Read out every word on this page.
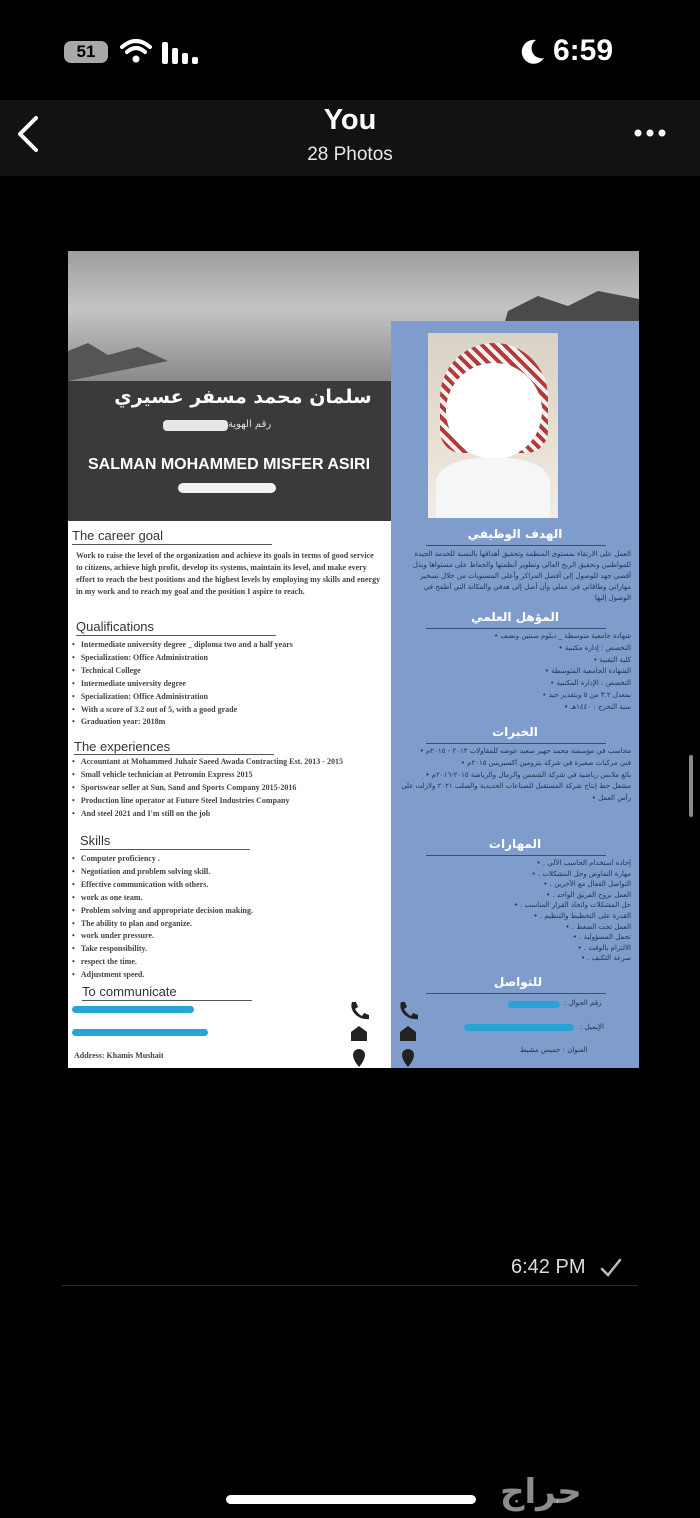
51	6:59
You
28 Photos
سلمان محمد مسفر عسيري
رقم الهوية
SALMAN MOHAMMED MISFER ASIRI
The career goal
Work to raise the level of the organization and achieve its goals in terms of good service to citizens, achieve high profit, develop its systems, maintain its level, and make every effort to reach the best positions and the highest levels by employing my skills and energy in my work and to reach my goal and the position I aspire to reach.
Qualifications
• Intermediate university degree _ diploma two and a half years
• Specialization: Office Administration
• Technical College
• Intermediate university degree
• Specialization: Office Administration
• With a score of 3.2 out of 5, with a good grade
• Graduation year: 2018m
The experiences
• Accountant at Mohammed Juhair Saeed Awada Contracting Est. 2013 - 2015
• Small vehicle technician at Petromin Express 2015
• Sportswear seller at Sun, Sand and Sports Company 2015-2016
• Production line operator at Future Steel Industries Company
• And steel 2021 and I'm still on the job
Skills
• Computer proficiency .
• Negotiation and problem solving skill.
• Effective communication with others.
• work as one team.
• Problem solving and appropriate decision making.
• The ability to plan and organize.
• work under pressure.
• Take responsibility.
• respect the time.
• Adjustment speed.
To communicate
Address: Khamis Mushait
الهدف الوظيفي
العمل على الارتقاء بمستوى المنظمة وتحقيق أهدافها بالنسبة للخدمة الجيدة للمواطنين وتحقيق الربح العالي وتطوير أنظمتها والحفاظ على مستواها وبذل أقصى جهد للوصول إلى أفضل المراكز وأعلى المستويات من خلال تسخير مهاراتي وطاقاتي في عملي وأن أصل إلى هدفي والمكانة التي أطمح في الوصول إليها
المؤهل العلمي
شهادة جامعية متوسطة _ دبلوم سنتين ونصف •
التخصص : إدارة مكتبية •
كلية التقنية •
الشهادة الجامعية المتوسطة •
التخصص : الإدارة المكتبية •
بمعدل ٣.٢ من ٥ وبتقدير جيد •
سنة التخرج : ١٤٤٠هـ •
الخبرات
محاسب في مؤسسة محمد جهير سعيد عوضه للمقاولات ٢٠١٣ - ٢٠١٥م •
فني مركبات صغيرة في شركة بترومين اكسبريس ٢٠١٥م •
بائع ملابس رياضية في شركة الشمس والرمال والرياضة ٢٠١٥-٢٠١٦م •
مشغل خط إنتاج شركة المستقبل للصناعات الحديدية والصلب ٢٠٢١ ولازلت على رأس العمل •
المهارات
إجادة استخدام الحاسب الآلي . •
مهارة التفاوض وحل المشكلات . •
التواصل الفعال مع الآخرين . •
العمل بروح الفريق الواحد . •
حل المشكلات واتخاذ القرار المناسب . •
القدرة على التخطيط والتنظيم . •
العمل تحت الضغط . •
تحمل المسؤولية . •
الالتزام بالوقت . •
سرعة التكيف . •
للتواصل
رقم الجوال :
الإيميل :
العنوان : خميس مشيط
6:42 PM
حراج
